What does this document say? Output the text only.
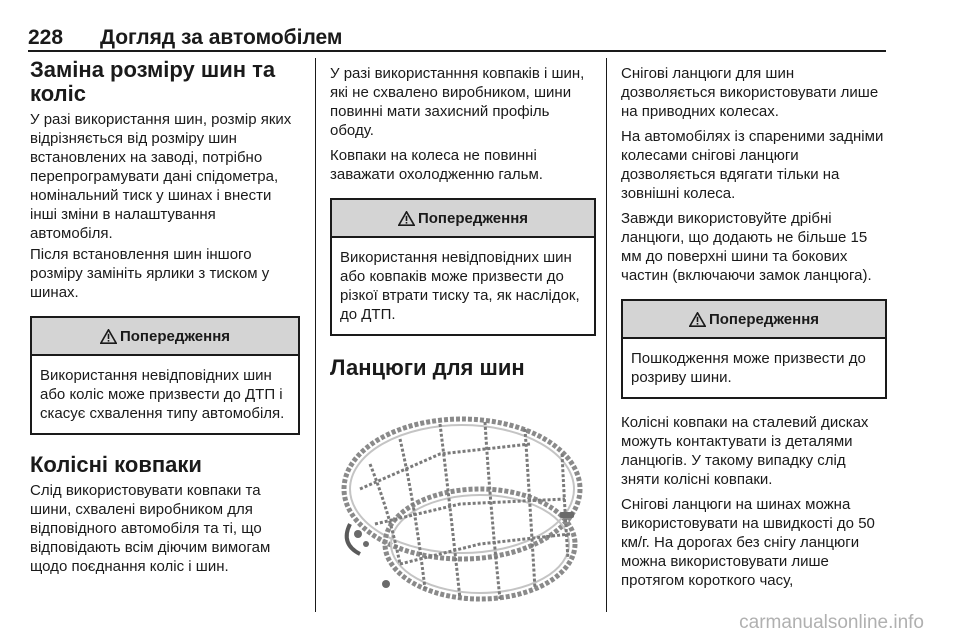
228 Догляд за автомобілем
Заміна розміру шин та коліс

У разі використання шин, розмір яких відрізняється від розміру шин встановлених на заводі, потрібно перепрограмувати дані спідометра, номінальний тиск у шинах і внести інші зміни в налаштування автомобіля.

Після встановлення шин іншого розміру замініть ярлики з тиском у шинах.

Попередження
Використання невідповідних шин або коліс може призвести до ДТП і скасує схвалення типу автомобіля.
Колісні ковпаки

Слід використовувати ковпаки та шини, схвалені виробником для відповідного автомобіля та ті, що відповідають всім діючим вимогам щодо поєднання коліс і шин.

У разі використанння ковпаків і шин, які не схвалено виробником, шини повинні мати захисний профіль ободу.

Ковпаки на колеса не повинні заважати охолодженню гальм.

Попередження
Використання невідповідних шин або ковпаків може призвести до різкої втрати тиску та, як наслідок, до ДТП.
Ланцюги для шин

Снігові ланцюги для шин дозволяється використовувати лише на приводних колесах.

На автомобілях із спареними задніми колесами снігові ланцюги дозволяється вдягати тільки на зовнішні колеса.

Завжди використовуйте дрібні ланцюги, що додають не більше 15 мм до поверхні шини та бокових частин (включаючи замок ланцюга).

Попередження
Пошкодження може призвести до розриву шини.

Колісні ковпаки на сталевий дисках можуть контактувати із деталями ланцюгів. У такому випадку слід зняти колісні ковпаки.

Снігові ланцюги на шинах можна використовувати на швидкості до 50 км/г. На дорогах без снігу ланцюги можна використовувати лише протягом короткого часу,

carmanualsonline.info
